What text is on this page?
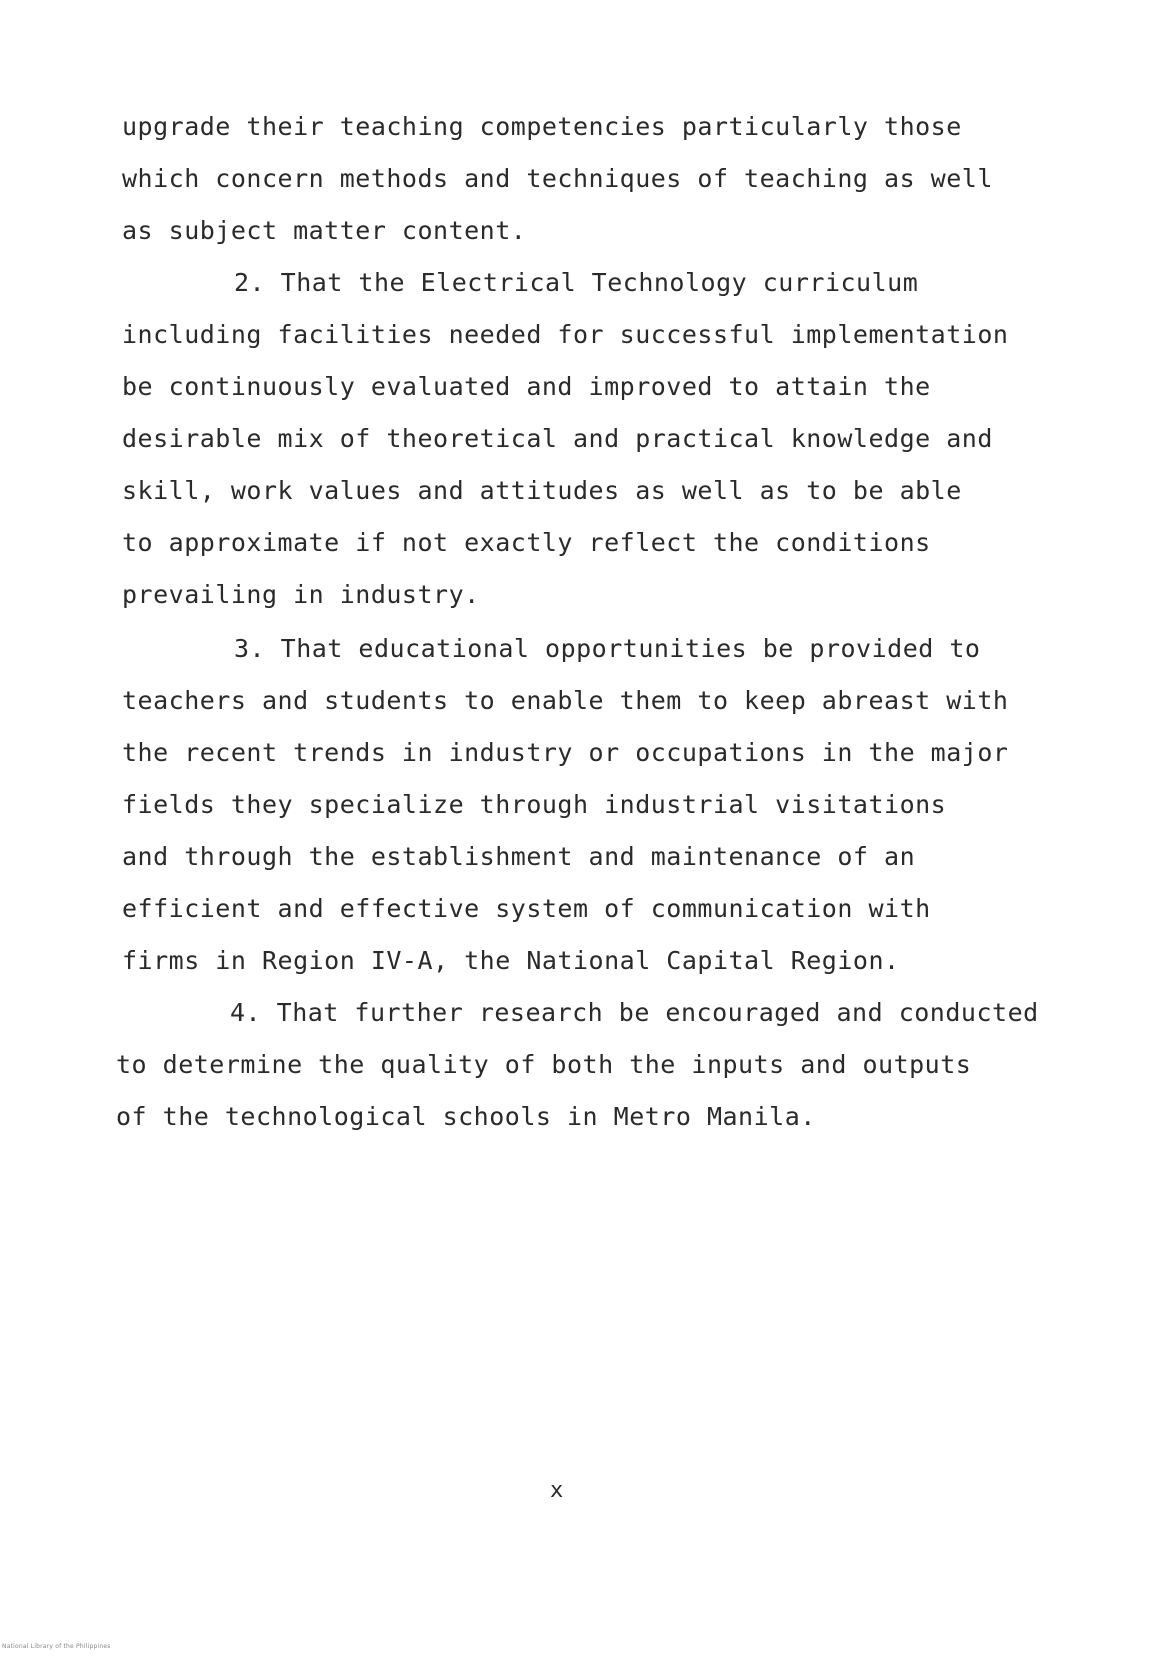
upgrade their teaching competencies particularly those
which concern methods and techniques of teaching as well
as subject matter content.
2. That the Electrical Technology curriculum
including facilities needed for successful implementation
be continuously evaluated and improved to attain the
desirable mix of theoretical and practical knowledge and
skill, work values and attitudes as well as to be able
to approximate if not exactly reflect the conditions
prevailing in industry.
3. That educational opportunities be provided to
teachers and students to enable them to keep abreast with
the recent trends in industry or occupations in the major
fields they specialize through industrial visitations
and through the establishment and maintenance of an
efficient and effective system of communication with
firms in Region IV-A, the National Capital Region.
4. That further research be encouraged and conducted
to determine the quality of both the inputs and outputs
of the technological schools in Metro Manila.
x
National Library of the Philippines
